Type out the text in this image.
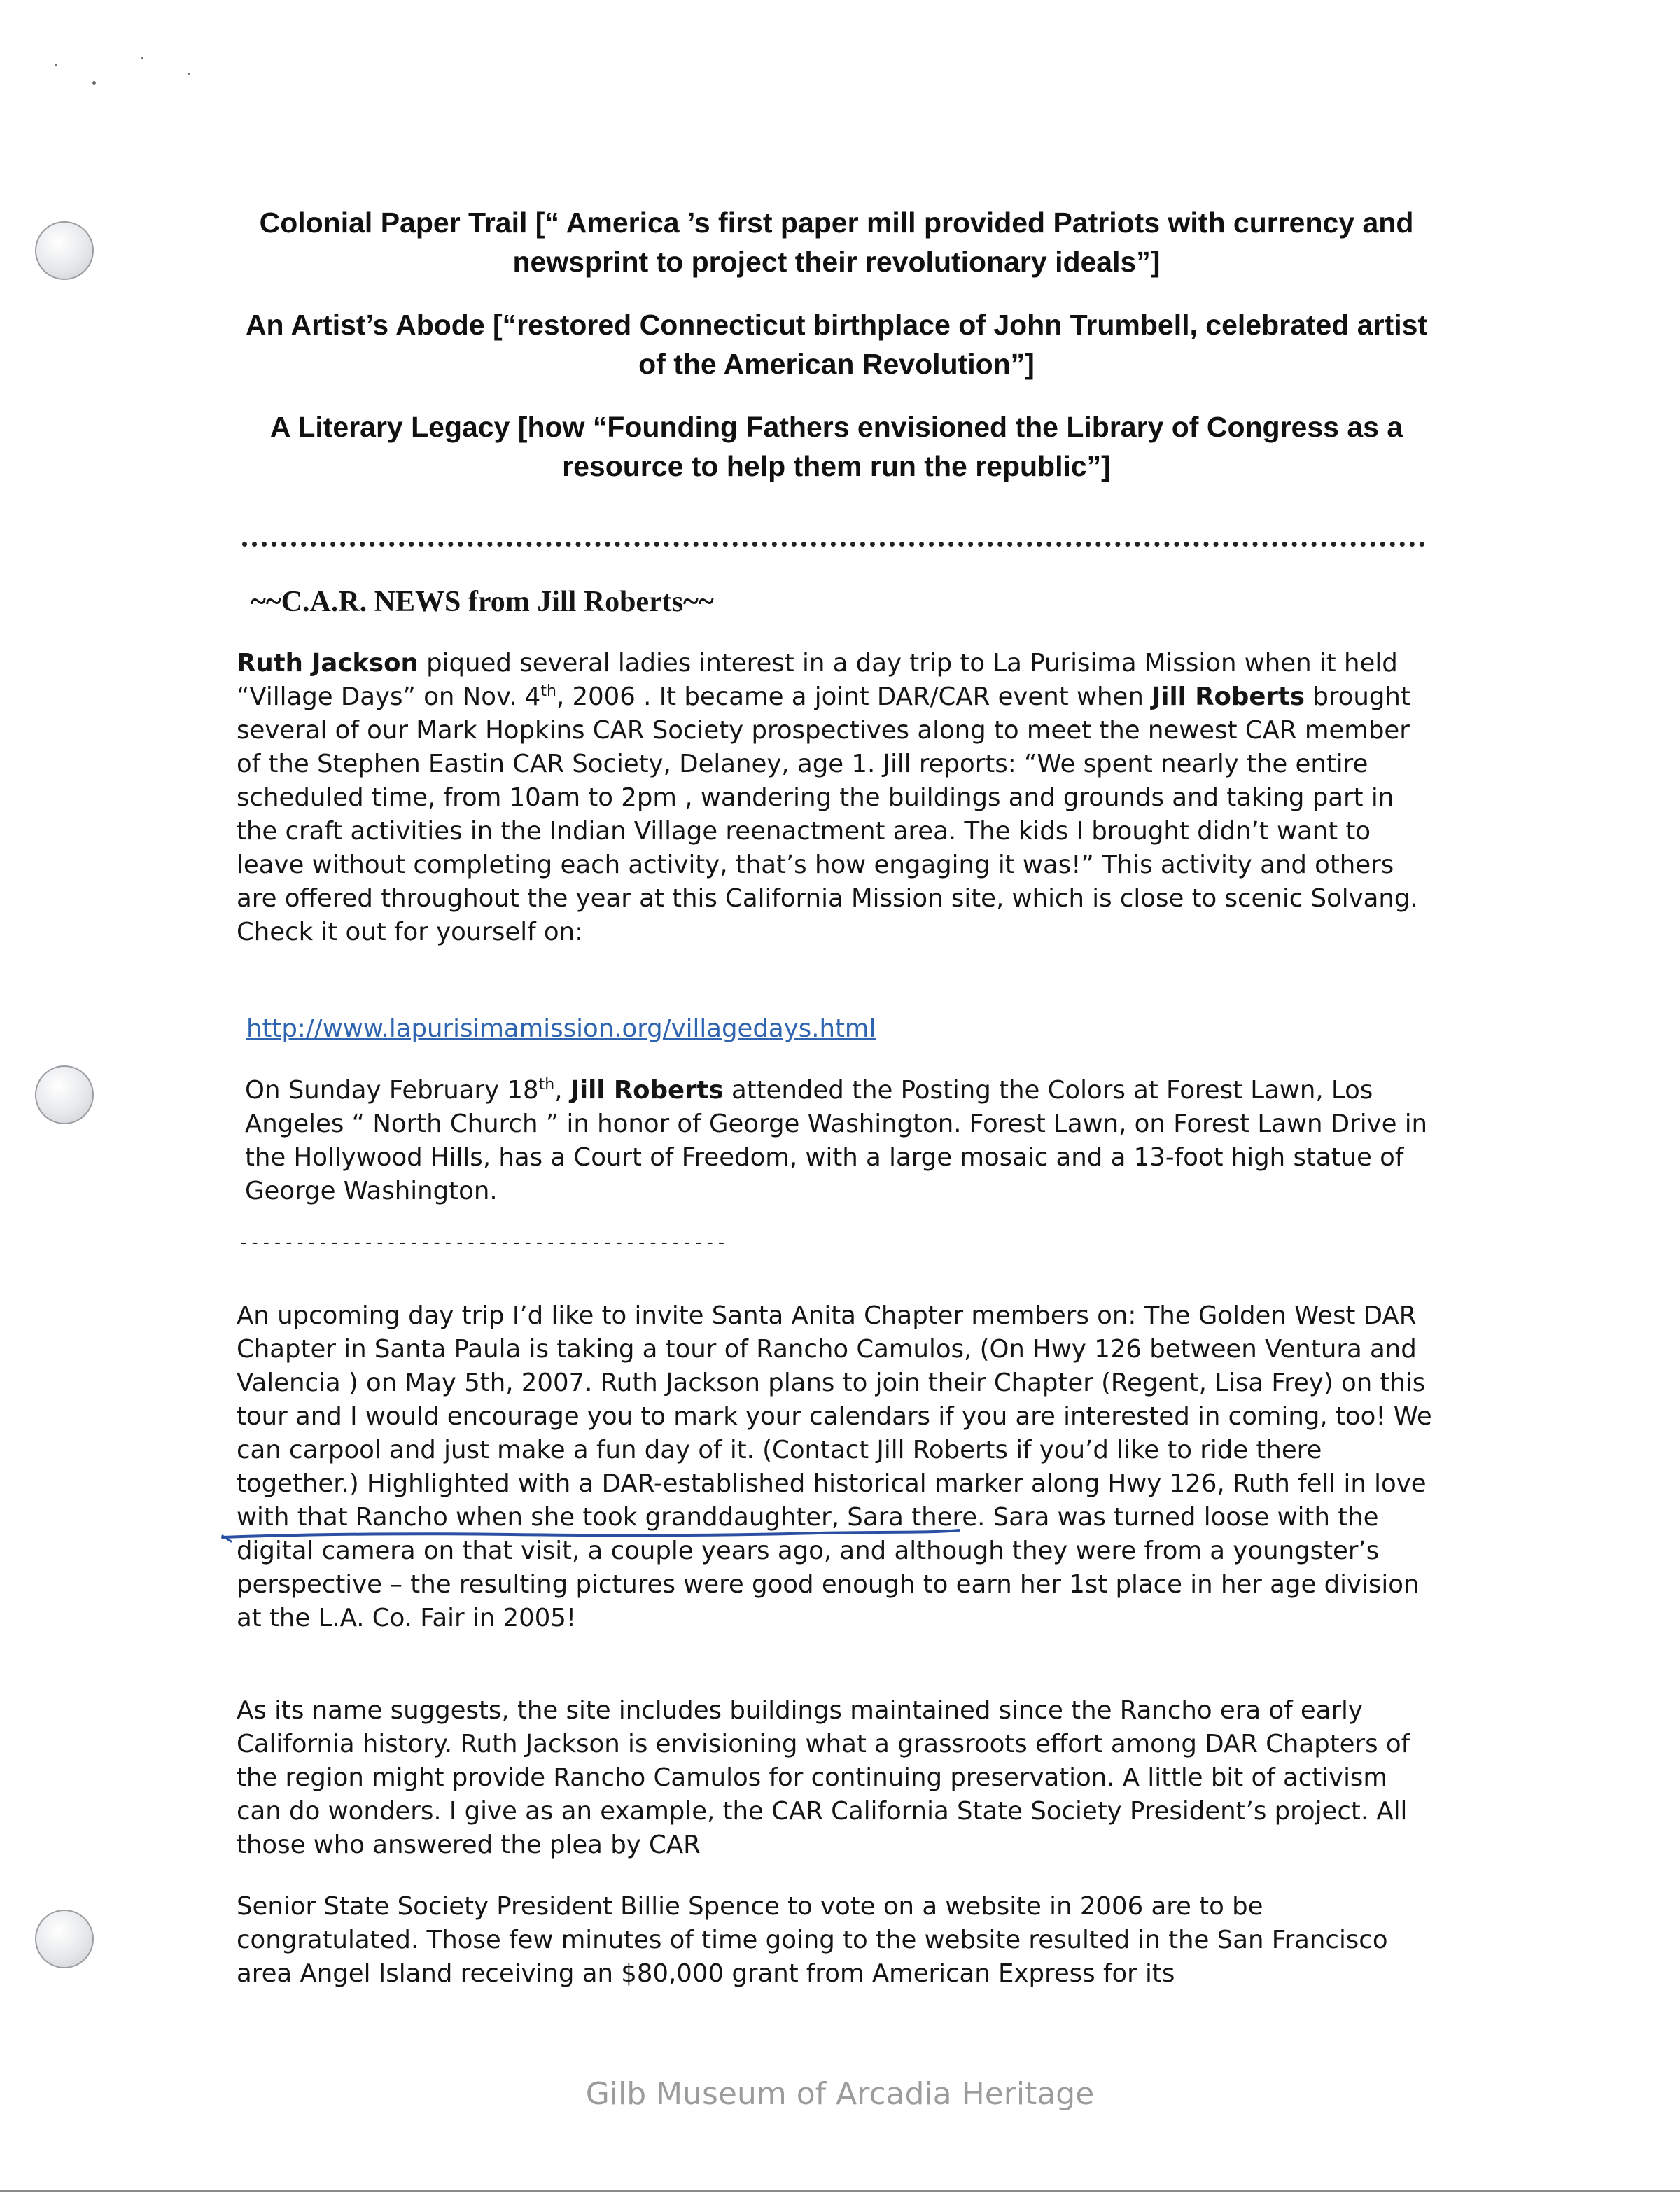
Colonial Paper Trail [“ America ’s first paper mill provided Patriots with currency and newsprint to project their revolutionary ideals”]

An Artist’s Abode [“restored Connecticut birthplace of John Trumbell, celebrated artist of the American Revolution”]

A Literary Legacy [how “Founding Fathers envisioned the Library of Congress as a resource to help them run the republic”]

~~C.A.R. NEWS from Jill Roberts~~

Ruth Jackson piqued several ladies interest in a day trip to La Purisima Mission when it held “Village Days” on Nov. 4th, 2006 . It became a joint DAR/CAR event when Jill Roberts brought several of our Mark Hopkins CAR Society prospectives along to meet the newest CAR member of the Stephen Eastin CAR Society, Delaney, age 1. Jill reports: “We spent nearly the entire scheduled time, from 10am to 2pm , wandering the buildings and grounds and taking part in the craft activities in the Indian Village reenactment area. The kids I brought didn’t want to leave without completing each activity, that’s how engaging it was!” This activity and others are offered throughout the year at this California Mission site, which is close to scenic Solvang. Check it out for yourself on:

http://www.lapurisimamission.org/villagedays.html

On Sunday February 18th, Jill Roberts attended the Posting the Colors at Forest Lawn, Los Angeles “ North Church ” in honor of George Washington. Forest Lawn, on Forest Lawn Drive in the Hollywood Hills, has a Court of Freedom, with a large mosaic and a 13-foot high statue of George Washington.

-------------------------------------------

An upcoming day trip I’d like to invite Santa Anita Chapter members on: The Golden West DAR Chapter in Santa Paula is taking a tour of Rancho Camulos, (On Hwy 126 between Ventura and Valencia ) on May 5th, 2007. Ruth Jackson plans to join their Chapter (Regent, Lisa Frey) on this tour and I would encourage you to mark your calendars if you are interested in coming, too! We can carpool and just make a fun day of it. (Contact Jill Roberts if you’d like to ride there together.) Highlighted with a DAR-established historical marker along Hwy 126, Ruth fell in love with that Rancho when she took granddaughter, Sara there. Sara was turned loose with the digital camera on that visit, a couple years ago, and although they were from a youngster’s perspective – the resulting pictures were good enough to earn her 1st place in her age division at the L.A. Co. Fair in 2005!

As its name suggests, the site includes buildings maintained since the Rancho era of early California history. Ruth Jackson is envisioning what a grassroots effort among DAR Chapters of the region might provide Rancho Camulos for continuing preservation. A little bit of activism can do wonders. I give as an example, the CAR California State Society President’s project. All those who answered the plea by CAR

Senior State Society President Billie Spence to vote on a website in 2006 are to be congratulated. Those few minutes of time going to the website resulted in the San Francisco area Angel Island receiving an $80,000 grant from American Express for its

Gilb Museum of Arcadia Heritage
